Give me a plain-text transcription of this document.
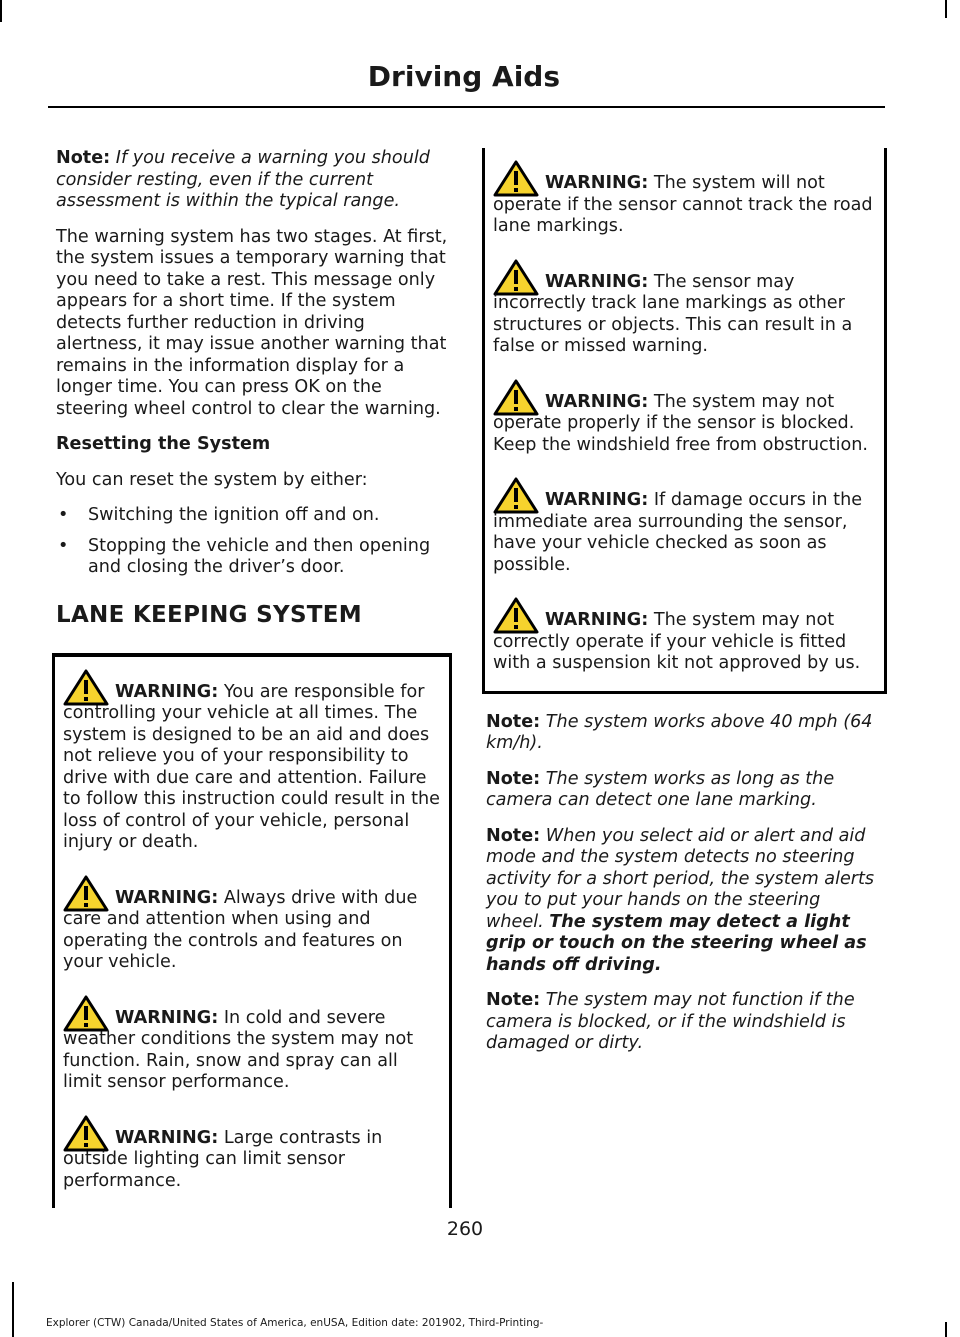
Driving Aids

Note: If you receive a warning you should consider resting, even if the current assessment is within the typical range.

The warning system has two stages. At first, the system issues a temporary warning that you need to take a rest. This message only appears for a short time. If the system detects further reduction in driving alertness, it may issue another warning that remains in the information display for a longer time. You can press OK on the steering wheel control to clear the warning.

Resetting the System

You can reset the system by either:

• Switching the ignition off and on.
• Stopping the vehicle and then opening and closing the driver’s door.
LANE KEEPING SYSTEM
WARNING: You are responsible for controlling your vehicle at all times. The system is designed to be an aid and does not relieve you of your responsibility to drive with due care and attention. Failure to follow this instruction could result in the loss of control of your vehicle, personal injury or death.
WARNING: Always drive with due care and attention when using and operating the controls and features on your vehicle.
WARNING: In cold and severe weather conditions the system may not function. Rain, snow and spray can all limit sensor performance.
WARNING: Large contrasts in outside lighting can limit sensor performance.
WARNING: The system will not operate if the sensor cannot track the road lane markings.
WARNING: The sensor may incorrectly track lane markings as other structures or objects. This can result in a false or missed warning.
WARNING: The system may not operate properly if the sensor is blocked. Keep the windshield free from obstruction.
WARNING: If damage occurs in the immediate area surrounding the sensor, have your vehicle checked as soon as possible.
WARNING: The system may not correctly operate if your vehicle is fitted with a suspension kit not approved by us.

Note: The system works above 40 mph (64 km/h).

Note: The system works as long as the camera can detect one lane marking.

Note: When you select aid or alert and aid mode and the system detects no steering activity for a short period, the system alerts you to put your hands on the steering wheel. The system may detect a light grip or touch on the steering wheel as hands off driving.

Note: The system may not function if the camera is blocked, or if the windshield is damaged or dirty.

260
Explorer (CTW) Canada/United States of America, enUSA, Edition date: 201902, Third-Printing-
